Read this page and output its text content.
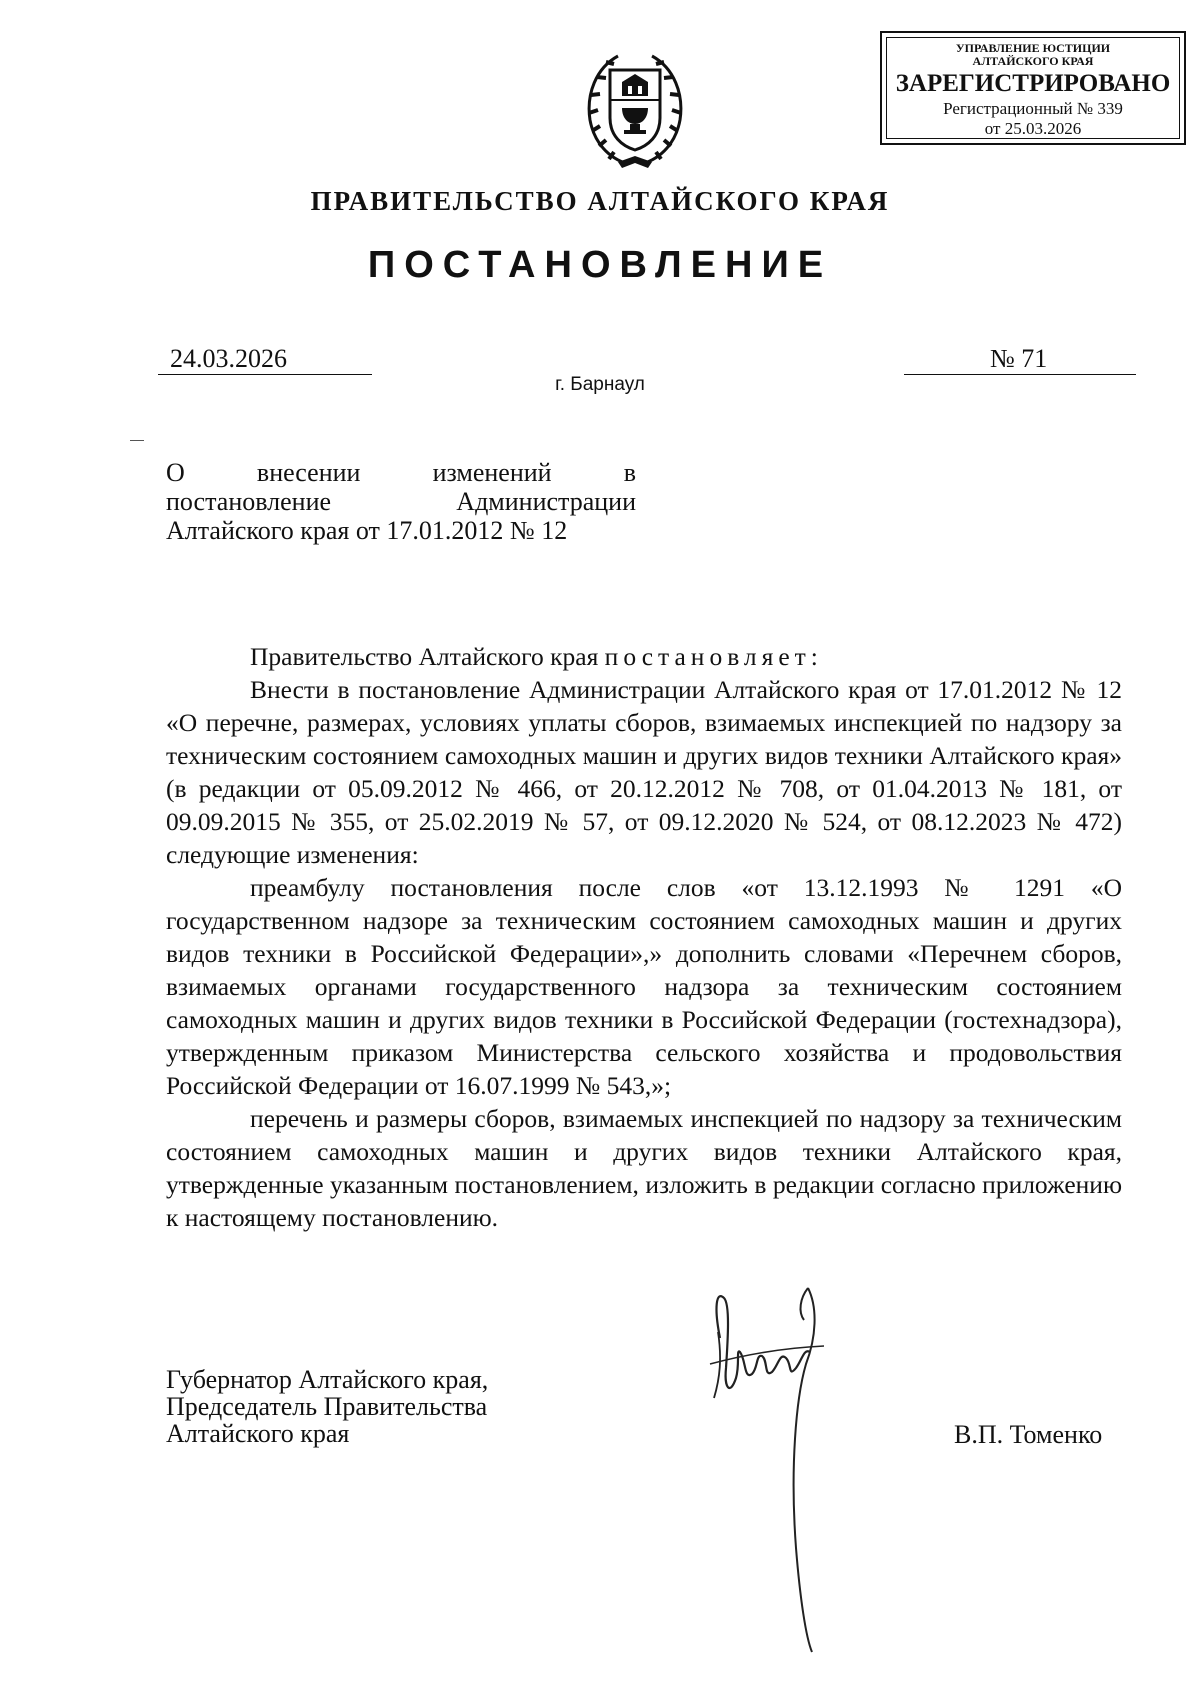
УПРАВЛЕНИЕ ЮСТИЦИИ
АЛТАЙСКОГО КРАЯ
ЗАРЕГИСТРИРОВАНО
Регистрационный № 339
от 25.03.2026
ПРАВИТЕЛЬСТВО АЛТАЙСКОГО КРАЯ
ПОСТАНОВЛЕНИЕ
24.03.2026	№ 71
г. Барнаул
О внесении изменений в
постановление Администрации
Алтайского края от 17.01.2012 № 12

Правительство Алтайского края постановляет:

Внести в постановление Администрации Алтайского края от 17.01.2012 № 12 «О перечне, размерах, условиях уплаты сборов, взимаемых инспекцией по надзору за техническим состоянием самоходных машин и других видов техники Алтайского края» (в редакции от 05.09.2012 № 466, от 20.12.2012 № 708, от 01.04.2013 № 181, от 09.09.2015 № 355, от 25.02.2019 № 57, от 09.12.2020 № 524, от 08.12.2023 № 472) следующие изменения:

преамбулу постановления после слов «от 13.12.1993 № 1291 «О государственном надзоре за техническим состоянием самоходных машин и других видов техники в Российской Федерации»,» дополнить словами «Перечнем сборов, взимаемых органами государственного надзора за техническим состоянием самоходных машин и других видов техники в Российской Федерации (гостехнадзора), утвержденным приказом Министерства сельского хозяйства и продовольствия Российской Федерации от 16.07.1999 № 543,»;

перечень и размеры сборов, взимаемых инспекцией по надзору за техническим состоянием самоходных машин и других видов техники Алтайского края, утвержденные указанным постановлением, изложить в редакции согласно приложению к настоящему постановлению.

Губернатор Алтайского края,
Председатель Правительства
Алтайского края	В.П. Томенко
